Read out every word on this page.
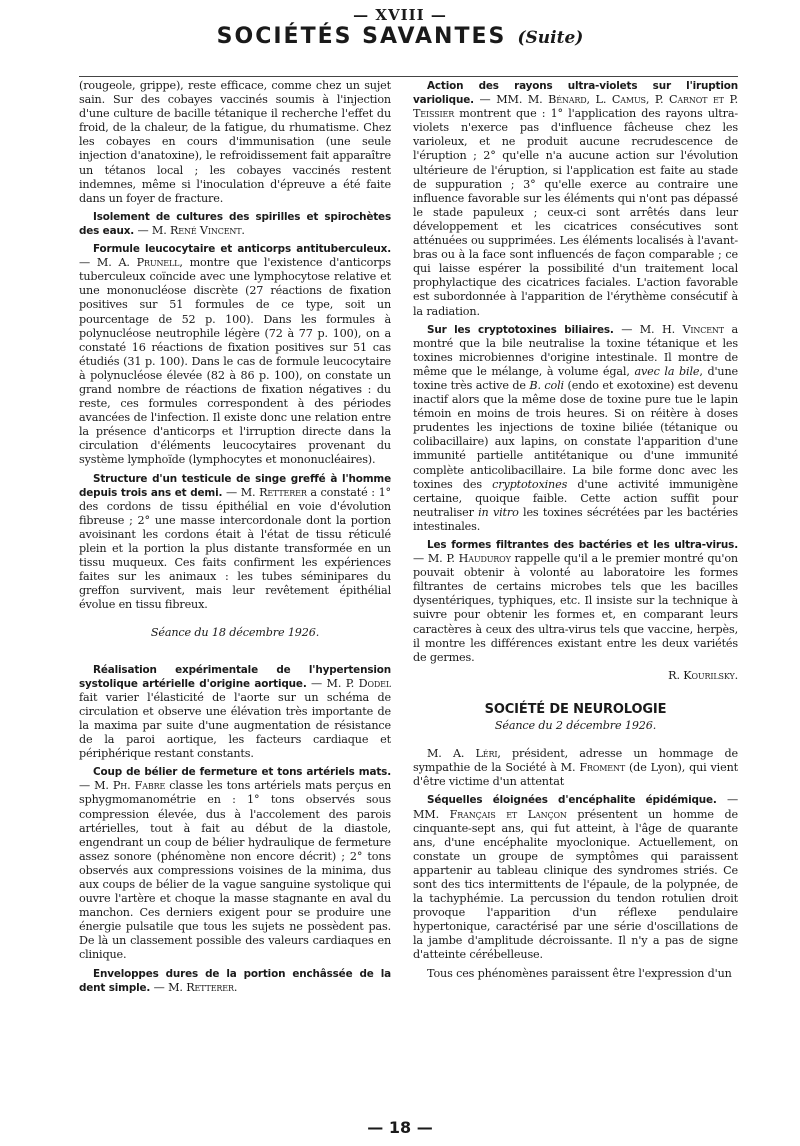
— XVIII —
SOCIÉTÉS SAVANTES (Suite)

(rougeole, grippe), reste efficace, comme chez un sujet sain. Sur des cobayes vaccinés soumis à l'injection d'une culture de bacille tétanique il recherche l'effet du froid, de la chaleur, de la fatigue, du rhumatisme. Chez les cobayes en cours d'immunisation (une seule injection d'anatoxine), le refroidissement fait apparaître un tétanos local ; les cobayes vaccinés restent indemnes, même si l'inoculation d'épreuve a été faite dans un foyer de fracture.

Isolement de cultures des spirilles et spirochètes des eaux. — M. René Vincent.

Formule leucocytaire et anticorps antituberculeux. — M. A. Prunell, montre que l'existence d'anticorps tuberculeux coïncide avec une lymphocytose relative et une mononucléose discrète (27 réactions de fixation positives sur 51 formules de ce type, soit un pourcentage de 52 p. 100). Dans les formules à polynucléose neutrophile légère (72 à 77 p. 100), on a constaté 16 réactions de fixation positives sur 51 cas étudiés (31 p. 100). Dans le cas de formule leucocytaire à polynucléose élevée (82 à 86 p. 100), on constate un grand nombre de réactions de fixation négatives : du reste, ces formules correspondent à des périodes avancées de l'infection. Il existe donc une relation entre la présence d'anticorps et l'irruption directe dans la circulation d'éléments leucocytaires provenant du système lymphoïde (lymphocytes et mononucléaires).

Structure d'un testicule de singe greffé à l'homme depuis trois ans et demi. — M. Retterer a constaté : 1° des cordons de tissu épithélial en voie d'évolution fibreuse ; 2° une masse intercordonale dont la portion avoisinant les cordons était à l'état de tissu réticulé plein et la portion la plus distante transformée en un tissu muqueux. Ces faits confirment les expériences faites sur les animaux : les tubes séminipares du greffon survivent, mais leur revêtement épithélial évolue en tissu fibreux.

Séance du 18 décembre 1926.

Réalisation expérimentale de l'hypertension systolique artérielle d'origine aortique. — M. P. Dodel fait varier l'élasticité de l'aorte sur un schéma de circulation et observe une élévation très importante de la maxima par suite d'une augmentation de résistance de la paroi aortique, les facteurs cardiaque et périphérique restant constants.

Coup de bélier de fermeture et tons artériels mats. — M. Ph. Fabre classe les tons artériels mats perçus en sphygmomanométrie en : 1° tons observés sous compression élevée, dus à l'accolement des parois artérielles, tout à fait au début de la diastole, engendrant un coup de bélier hydraulique de fermeture assez sonore (phénomène non encore décrit) ; 2° tons observés aux compressions voisines de la minima, dus aux coups de bélier de la vague sanguine systolique qui ouvre l'artère et choque la masse stagnante en aval du manchon. Ces derniers exigent pour se produire une énergie pulsatile que tous les sujets ne possèdent pas. De là un classement possible des valeurs cardiaques en clinique.

Enveloppes dures de la portion enchâssée de la dent simple. — M. Retterer.

Action des rayons ultra-violets sur l'iruption variolique. — MM. M. Bénard, L. Camus, P. Carnot et P. Teissier montrent que : 1° l'application des rayons ultra-violets n'exerce pas d'influence fâcheuse chez les varioleux, et ne produit aucune recrudescence de l'éruption ; 2° qu'elle n'a aucune action sur l'évolution ultérieure de l'éruption, si l'application est faite au stade de suppuration ; 3° qu'elle exerce au contraire une influence favorable sur les éléments qui n'ont pas dépassé le stade papuleux ; ceux-ci sont arrêtés dans leur développement et les cicatrices consécutives sont atténuées ou supprimées. Les éléments localisés à l'avant-bras ou à la face sont influencés de façon comparable ; ce qui laisse espérer la possibilité d'un traitement local prophylactique des cicatrices faciales. L'action favorable est subordonnée à l'apparition de l'érythème consécutif à la radiation.

Sur les cryptotoxines biliaires. — M. H. Vincent a montré que la bile neutralise la toxine tétanique et les toxines microbiennes d'origine intestinale. Il montre de même que le mélange, à volume égal, avec la bile, d'une toxine très active de B. coli (endo et exotoxine) est devenu inactif alors que la même dose de toxine pure tue le lapin témoin en moins de trois heures. Si on réitère à doses prudentes les injections de toxine biliée (tétanique ou colibacillaire) aux lapins, on constate l'apparition d'une immunité partielle antitétanique ou d'une immunité complète anticolibacillaire. La bile forme donc avec les toxines des cryptotoxines d'une activité immunigène certaine, quoique faible. Cette action suffit pour neutraliser in vitro les toxines sécrétées par les bactéries intestinales.

Les formes filtrantes des bactéries et les ultra-virus. — M. P. Hauduroy rappelle qu'il a le premier montré qu'on pouvait obtenir à volonté au laboratoire les formes filtrantes de certains microbes tels que les bacilles dysentériques, typhiques, etc. Il insiste sur la technique à suivre pour obtenir les formes et, en comparant leurs caractères à ceux des ultra-virus tels que vaccine, herpès, il montre les différences existant entre les deux variétés de germes.

R. Kourilsky.

SOCIÉTÉ DE NEUROLOGIE

Séance du 2 décembre 1926.

M. A. Léri, président, adresse un hommage de sympathie de la Société à M. Froment (de Lyon), qui vient d'être victime d'un attentat

Séquelles éloignées d'encéphalite épidémique. — MM. Français et Lançon présentent un homme de cinquante-sept ans, qui fut atteint, à l'âge de quarante ans, d'une encéphalite myoclonique. Actuellement, on constate un groupe de symptômes qui paraissent appartenir au tableau clinique des syndromes striés. Ce sont des tics intermittents de l'épaule, de la polypnée, de la tachyphémie. La percussion du tendon rotulien droit provoque l'apparition d'un réflexe pendulaire hypertonique, caractérisé par une série d'oscillations de la jambe d'amplitude décroissante. Il n'y a pas de signe d'atteinte cérébelleuse.

Tous ces phénomènes paraissent être l'expression d'un

— 18 —
